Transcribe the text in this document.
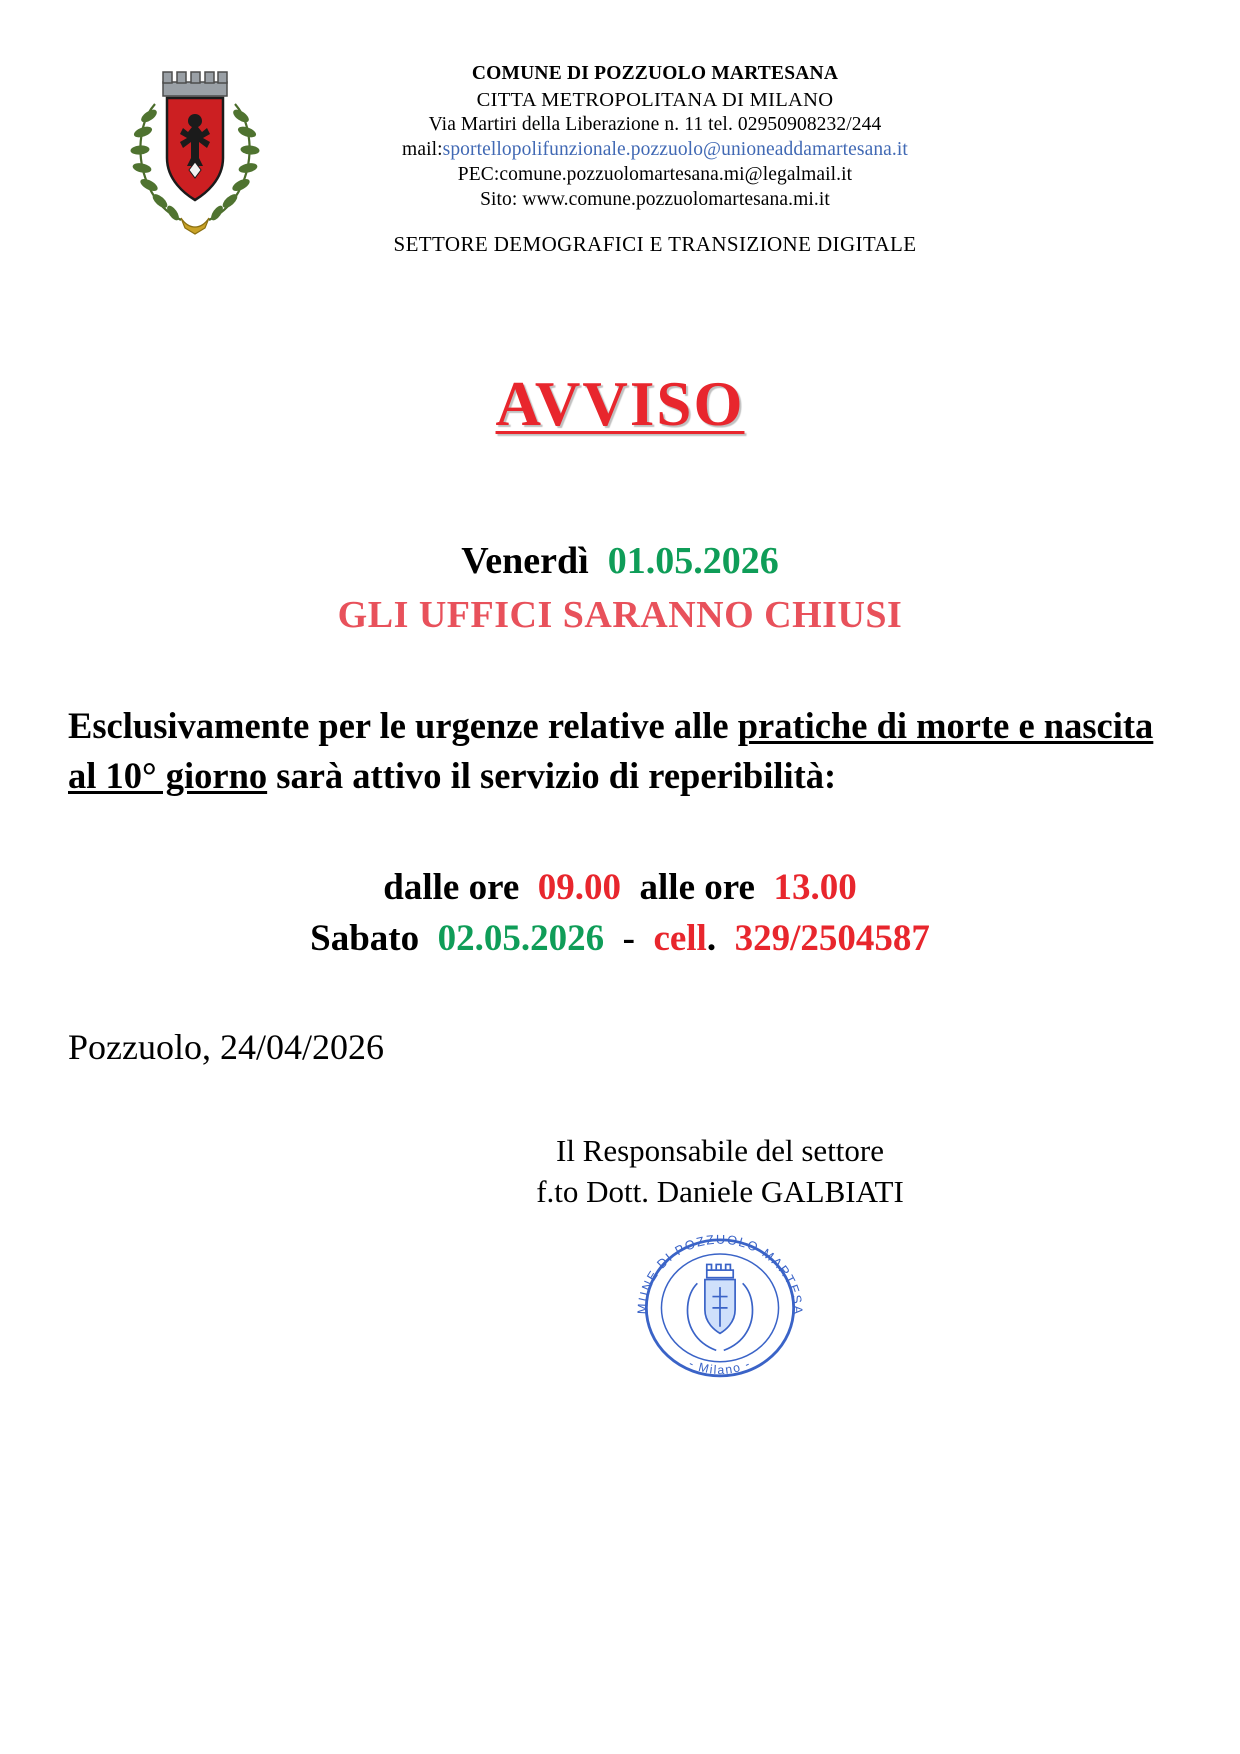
COMUNE DI POZZUOLO MARTESANA
CITTA METROPOLITANA DI MILANO
Via Martiri della Liberazione n. 11 tel. 02950908232/244
mail:sportellopolifunzionale.pozzuolo@unioneaddamartesana.it
PEC:comune.pozzuolomartesana.mi@legalmail.it
Sito: www.comune.pozzuolomartesana.mi.it
SETTORE DEMOGRAFICI E TRANSIZIONE DIGITALE
AVVISO
Venerdì 01.05.2026
GLI UFFICI SARANNO CHIUSI
Esclusivamente per le urgenze relative alle pratiche di morte e nascita al 10° giorno sarà attivo il servizio di reperibilità:
dalle ore 09.00 alle ore 13.00
Sabato 02.05.2026 - cell. 329/2504587
Pozzuolo, 24/04/2026
Il Responsabile del settore
f.to Dott. Daniele GALBIATI
COMUNE DI POZZUOLO MARTESANA
- Milano -
